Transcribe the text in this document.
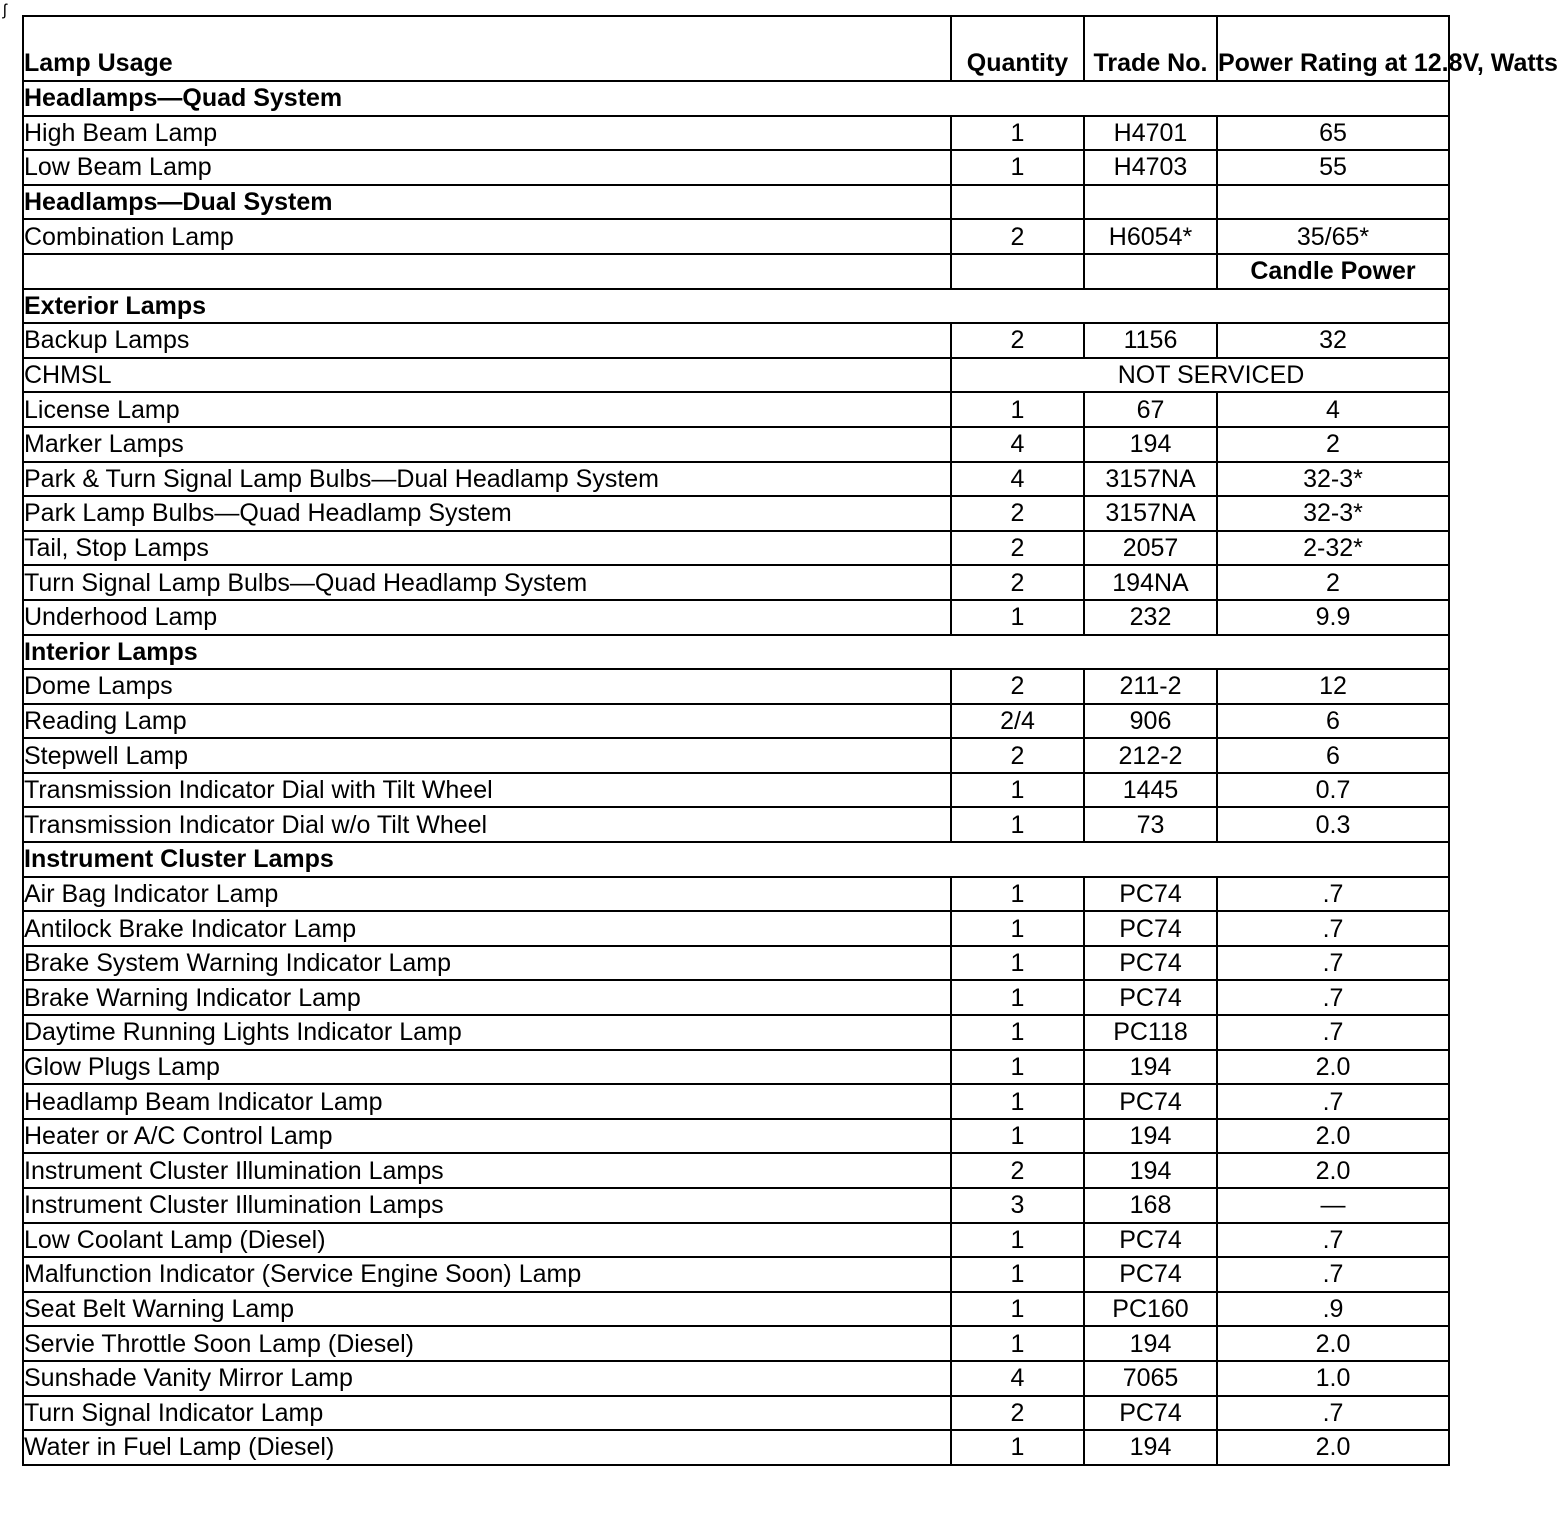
Lamp Usage	Quantity	Trade No.	Power Rating at 12.8V, Watts
Headlamps—Quad System			
High Beam Lamp	1	H4701	65
Low Beam Lamp	1	H4703	55
Headlamps—Dual System			
Combination Lamp	2	H6054*	35/65*
			Candle Power
Exterior Lamps			
Backup Lamps	2	1156	32
CHMSL	NOT SERVICED		
License Lamp	1	67	4
Marker Lamps	4	194	2
Park & Turn Signal Lamp Bulbs—Dual Headlamp System	4	3157NA	32-3*
Park Lamp Bulbs—Quad Headlamp System	2	3157NA	32-3*
Tail, Stop Lamps	2	2057	2-32*
Turn Signal Lamp Bulbs—Quad Headlamp System	2	194NA	2
Underhood Lamp	1	232	9.9
Interior Lamps			
Dome Lamps	2	211-2	12
Reading Lamp	2/4	906	6
Stepwell Lamp	2	212-2	6
Transmission Indicator Dial with Tilt Wheel	1	1445	0.7
Transmission Indicator Dial w/o Tilt Wheel	1	73	0.3
Instrument Cluster Lamps			
Air Bag Indicator Lamp	1	PC74	.7
Antilock Brake Indicator Lamp	1	PC74	.7
Brake System Warning Indicator Lamp	1	PC74	.7
Brake Warning Indicator Lamp	1	PC74	.7
Daytime Running Lights Indicator Lamp	1	PC118	.7
Glow Plugs Lamp	1	194	2.0
Headlamp Beam Indicator Lamp	1	PC74	.7
Heater or A/C Control Lamp	1	194	2.0
Instrument Cluster Illumination Lamps	2	194	2.0
Instrument Cluster Illumination Lamps	3	168	—
Low Coolant Lamp (Diesel)	1	PC74	.7
Malfunction Indicator (Service Engine Soon) Lamp	1	PC74	.7
Seat Belt Warning Lamp	1	PC160	.9
Servie Throttle Soon Lamp (Diesel)	1	194	2.0
Sunshade Vanity Mirror Lamp	4	7065	1.0
Turn Signal Indicator Lamp	2	PC74	.7
Water in Fuel Lamp (Diesel)	1	194	2.0
ʃ
